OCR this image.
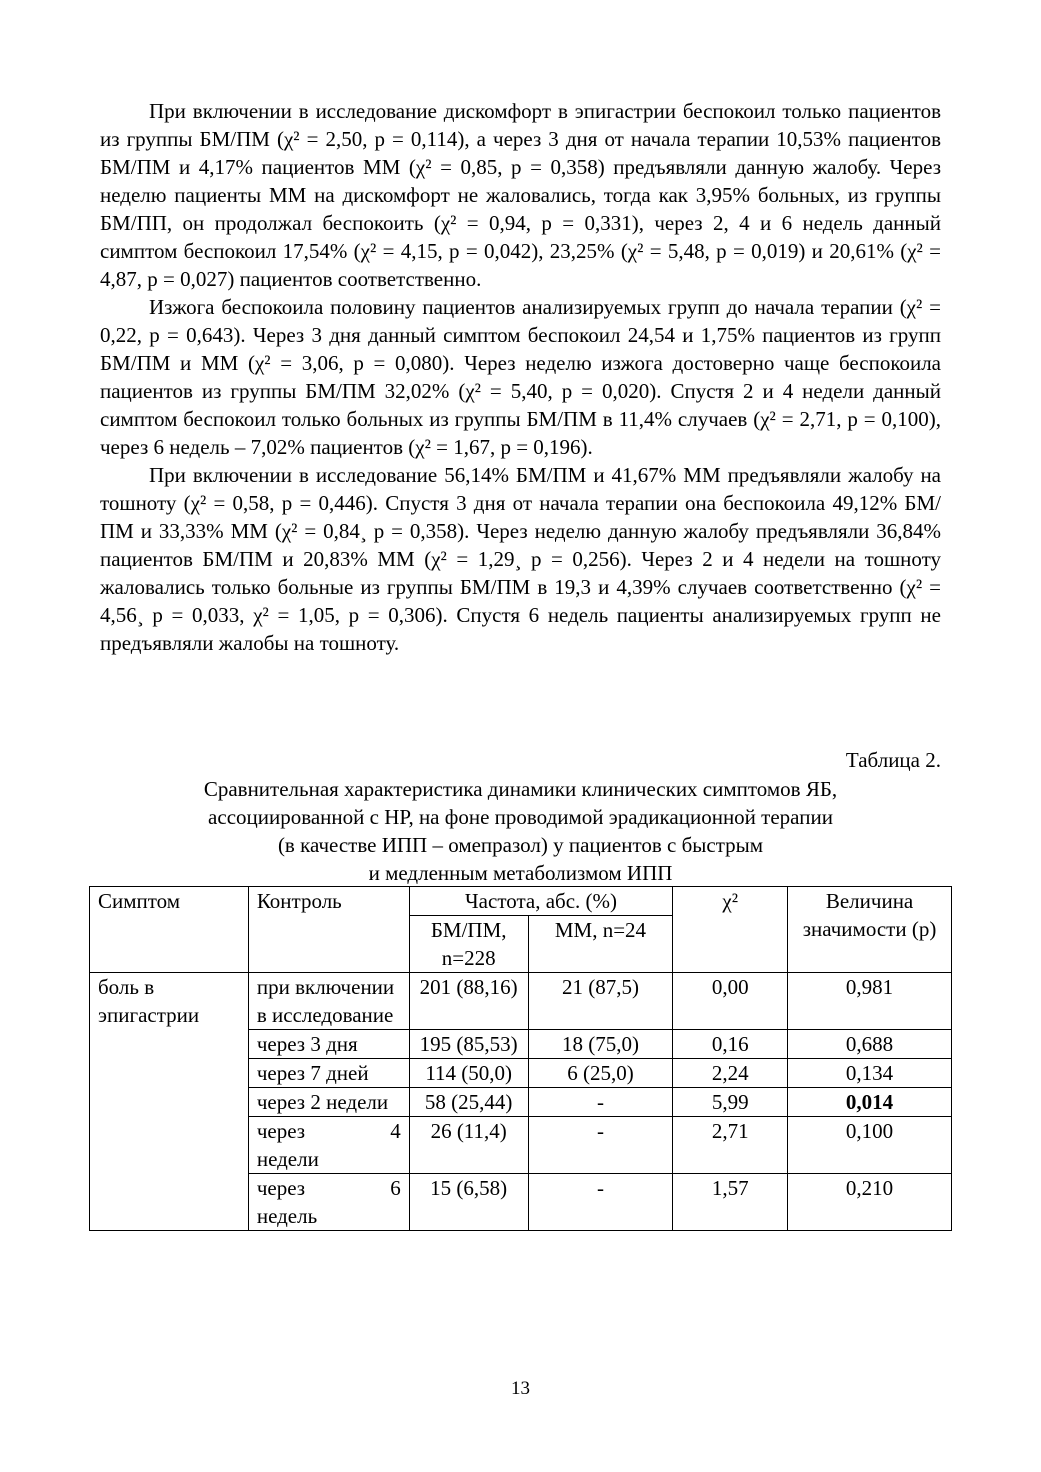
При включении в исследование дискомфорт в эпигастрии беспокоил только пациентов из группы БМ/ПМ (χ² = 2,50, p = 0,114), а через 3 дня от начала терапии 10,53% пациентов БМ/ПМ и 4,17% пациентов ММ (χ² = 0,85, p = 0,358) предъявляли данную жалобу. Через неделю пациенты ММ на дискомфорт не жаловались, тогда как 3,95% больных, из группы БМ/ПП, он продолжал беспокоить (χ² = 0,94, p = 0,331), через 2, 4 и 6 недель данный симптом беспокоил 17,54% (χ² = 4,15, p = 0,042), 23,25% (χ² = 5,48, p = 0,019) и 20,61% (χ² = 4,87, p = 0,027) пациентов соответственно.

Изжога беспокоила половину пациентов анализируемых групп до начала терапии (χ² = 0,22, p = 0,643). Через 3 дня данный симптом беспокоил 24,54 и 1,75% пациентов из групп БМ/ПМ и ММ (χ² = 3,06, p = 0,080). Через неделю изжога достоверно чаще беспокоила пациентов из группы БМ/ПМ 32,02% (χ² = 5,40, p = 0,020). Спустя 2 и 4 недели данный симптом беспокоил только больных из группы БМ/ПМ в 11,4% случаев (χ² = 2,71, p = 0,100), через 6 недель – 7,02% пациентов (χ² = 1,67, p = 0,196).

При включении в исследование 56,14% БМ/ПМ и 41,67% ММ предъявляли жалобу на тошноту (χ² = 0,58, p = 0,446). Спустя 3 дня от начала терапии она беспокоила 49,12% БМ/ПМ и 33,33% ММ (χ² = 0,84¸ p = 0,358). Через неделю данную жалобу предъявляли 36,84% пациентов БМ/ПМ и 20,83% ММ (χ² = 1,29¸ p = 0,256). Через 2 и 4 недели на тошноту жаловались только больные из группы БМ/ПМ в 19,3 и 4,39% случаев соответственно (χ² = 4,56¸ p = 0,033, χ² = 1,05, p = 0,306). Спустя 6 недель пациенты анализируемых групп не предъявляли жалобы на тошноту.

Таблица 2.
Сравнительная характеристика динамики клинических симптомов ЯБ,
ассоциированной с НР, на фоне проводимой эрадикационной терапии
(в качестве ИПП – омепразол) у пациентов с быстрым
и медленным метаболизмом ИПП
Симптом	Контроль	Частота, абс. (%)		χ²	Величина значимости (p)
		БМ/ПМ, n=228	ММ, n=24		
боль в эпигастрии	при включении в исследование	201 (88,16)	21 (87,5)	0,00	0,981
	через 3 дня	195 (85,53)	18 (75,0)	0,16	0,688
	через 7 дней	114 (50,0)	6 (25,0)	2,24	0,134
	через 2 недели	58 (25,44)	-	5,99	0,014

	через 4
недели	26 (11,4)	-	2,71	0,100

	через 6
недель	15 (6,58)	-	1,57	0,210
13
